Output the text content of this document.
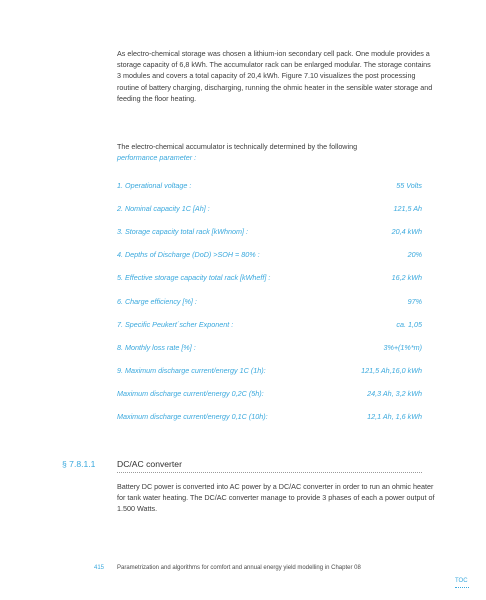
As electro-chemical storage was chosen a lithium-ion secondary cell pack. One module provides a storage capacity of 6,8 kWh. The accumulator rack can be enlarged modular. The storage contains 3 modules and covers a total capacity of 20,4 kWh. Figure 7.10 visualizes the post processing routine of battery charging, discharging, running the ohmic heater in the sensible water storage and feeding the floor heating.

The electro-chemical accumulator is technically determined by the following
performance parameter :

1. Operational voltage :	55 Volts
2. Nominal capacity 1C [Ah] :	121,5 Ah
3. Storage capacity total rack [kWhnom] :	20,4 kWh
4. Depths of Discharge (DoD) >SOH = 80% :	20%
5. Effective storage capacity total rack [kWheff] :	16,2 kWh
6. Charge efficiency [%] :	97%
7. Specific Peukert´scher Exponent :	ca. 1,05
8. Monthly loss rate [%] :	3%+(1%*m)
9. Maximum discharge current/energy 1C (1h):	121,5 Ah,16,0 kWh
Maximum discharge current/energy 0,2C (5h):	24,3 Ah, 3,2 kWh
Maximum discharge current/energy 0,1C (10h):	12,1 Ah, 1,6 kWh
§ 7.8.1.1	DC/AC converter

Battery DC power is converted into AC power by a DC/AC converter in order to run an ohmic heater for tank water heating. The DC/AC converter manage to provide 3 phases of each a power output of 1.500 Watts.

415 Parametrization and algorithms for comfort and annual energy yield modelling in Chapter 08
TOC
